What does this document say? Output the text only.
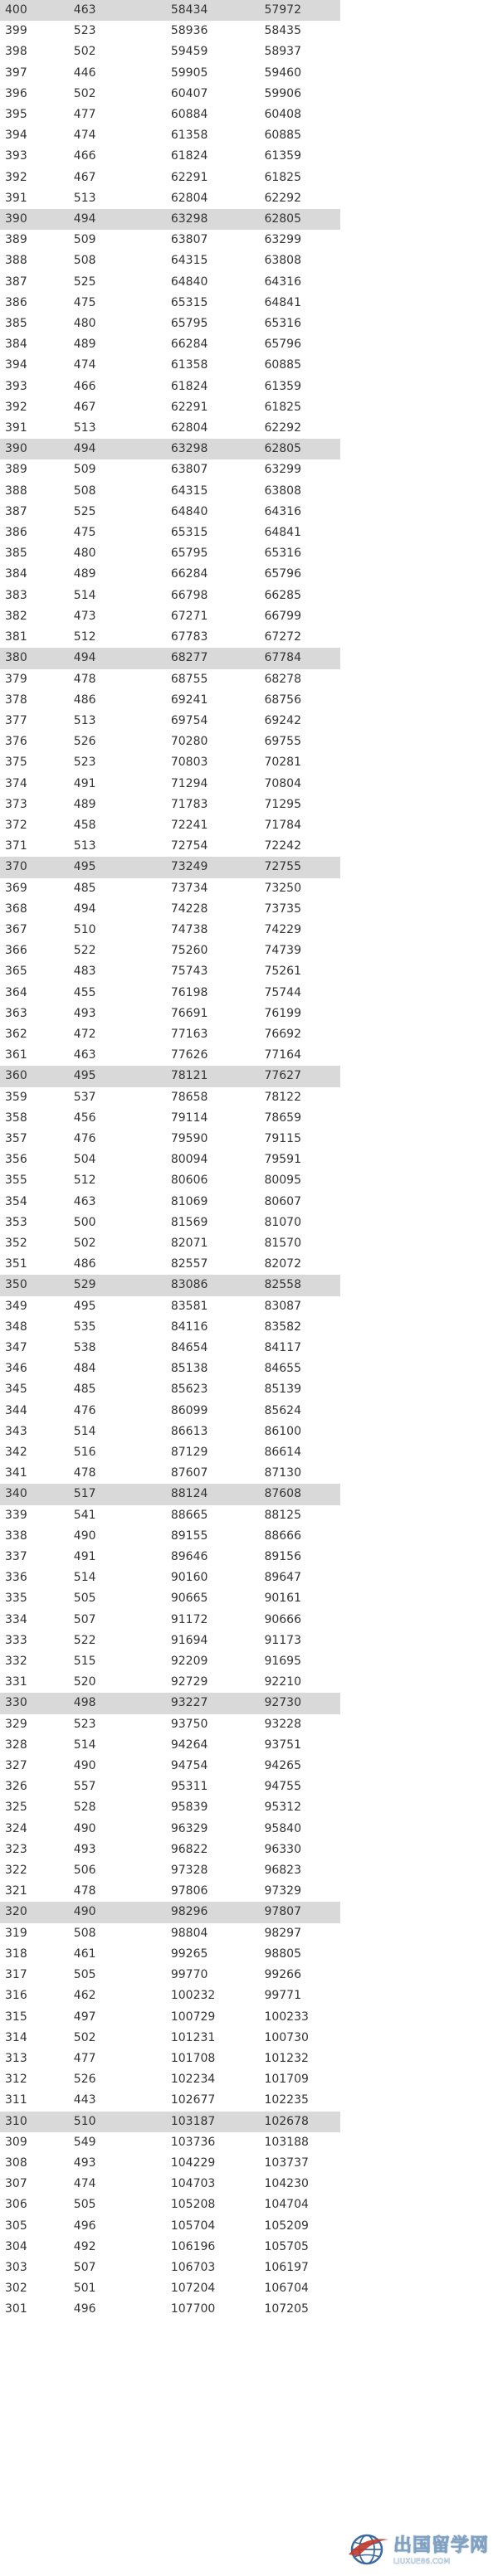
400	463	58434	57972
399	523	58936	58435
398	502	59459	58937
397	446	59905	59460
396	502	60407	59906
395	477	60884	60408
394	474	61358	60885
393	466	61824	61359
392	467	62291	61825
391	513	62804	62292
390	494	63298	62805
389	509	63807	63299
388	508	64315	63808
387	525	64840	64316
386	475	65315	64841
385	480	65795	65316
384	489	66284	65796
394	474	61358	60885
393	466	61824	61359
392	467	62291	61825
391	513	62804	62292
390	494	63298	62805
389	509	63807	63299
388	508	64315	63808
387	525	64840	64316
386	475	65315	64841
385	480	65795	65316
384	489	66284	65796
383	514	66798	66285
382	473	67271	66799
381	512	67783	67272
380	494	68277	67784
379	478	68755	68278
378	486	69241	68756
377	513	69754	69242
376	526	70280	69755
375	523	70803	70281
374	491	71294	70804
373	489	71783	71295
372	458	72241	71784
371	513	72754	72242
370	495	73249	72755
369	485	73734	73250
368	494	74228	73735
367	510	74738	74229
366	522	75260	74739
365	483	75743	75261
364	455	76198	75744
363	493	76691	76199
362	472	77163	76692
361	463	77626	77164
360	495	78121	77627
359	537	78658	78122
358	456	79114	78659
357	476	79590	79115
356	504	80094	79591
355	512	80606	80095
354	463	81069	80607
353	500	81569	81070
352	502	82071	81570
351	486	82557	82072
350	529	83086	82558
349	495	83581	83087
348	535	84116	83582
347	538	84654	84117
346	484	85138	84655
345	485	85623	85139
344	476	86099	85624
343	514	86613	86100
342	516	87129	86614
341	478	87607	87130
340	517	88124	87608
339	541	88665	88125
338	490	89155	88666
337	491	89646	89156
336	514	90160	89647
335	505	90665	90161
334	507	91172	90666
333	522	91694	91173
332	515	92209	91695
331	520	92729	92210
330	498	93227	92730
329	523	93750	93228
328	514	94264	93751
327	490	94754	94265
326	557	95311	94755
325	528	95839	95312
324	490	96329	95840
323	493	96822	96330
322	506	97328	96823
321	478	97806	97329
320	490	98296	97807
319	508	98804	98297
318	461	99265	98805
317	505	99770	99266
316	462	100232	99771
315	497	100729	100233
314	502	101231	100730
313	477	101708	101232
312	526	102234	101709
311	443	102677	102235
310	510	103187	102678
309	549	103736	103188
308	493	104229	103737
307	474	104703	104230
306	505	105208	104704
305	496	105704	105209
304	492	106196	105705
303	507	106703	106197
302	501	107204	106704
301	496	107700	107205
出国留学网
LIUXUE86.COM
